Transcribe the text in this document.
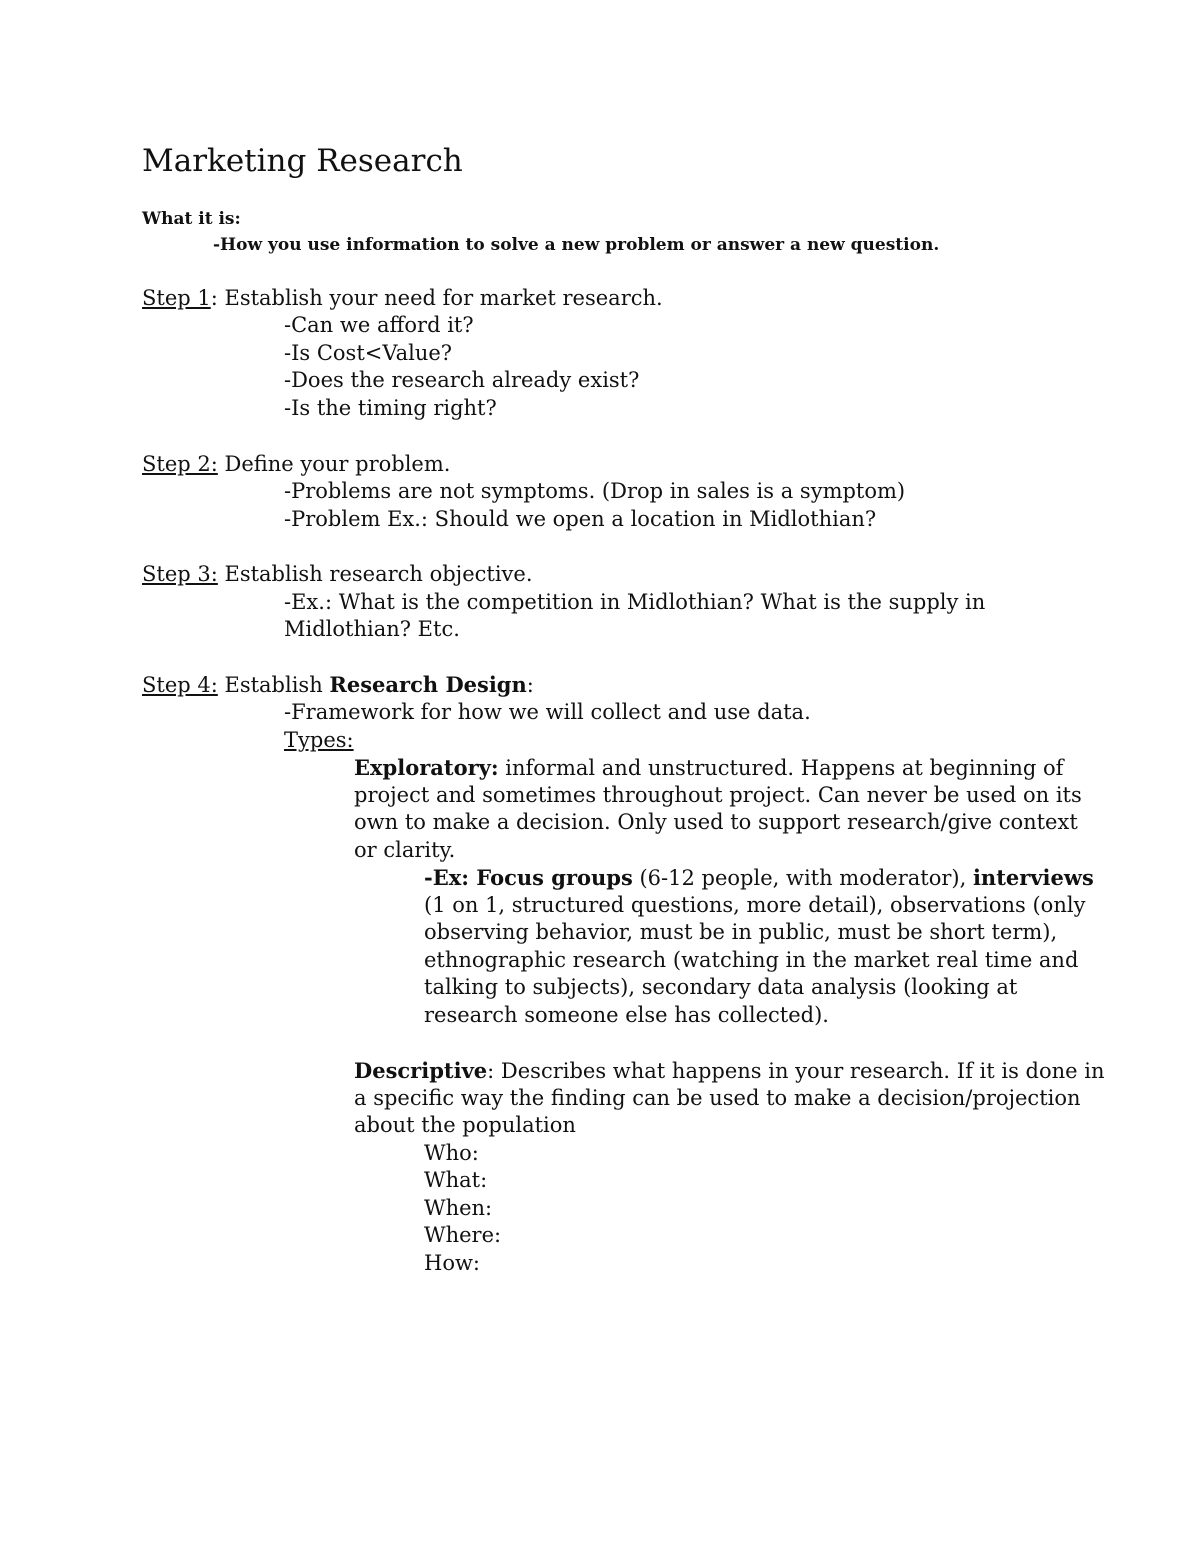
Marketing Research
What it is:
-How you use information to solve a new problem or answer a new question.
Step 1: Establish your need for market research.
-Can we afford it?
-Is Cost<Value?
-Does the research already exist?
-Is the timing right?
Step 2: Define your problem.
-Problems are not symptoms. (Drop in sales is a symptom)
-Problem Ex.: Should we open a location in Midlothian?
Step 3: Establish research objective.
-Ex.: What is the competition in Midlothian? What is the supply in
Midlothian? Etc.
Step 4: Establish Research Design:
-Framework for how we will collect and use data.
Types:
Exploratory: informal and unstructured. Happens at beginning of
project and sometimes throughout project. Can never be used on its
own to make a decision. Only used to support research/give context
or clarity.
-Ex: Focus groups (6-12 people, with moderator), interviews
(1 on 1, structured questions, more detail), observations (only
observing behavior, must be in public, must be short term),
ethnographic research (watching in the market real time and
talking to subjects), secondary data analysis (looking at
research someone else has collected).
Descriptive: Describes what happens in your research. If it is done in
a specific way the finding can be used to make a decision/projection
about the population
Who:
What:
When:
Where:
How:
